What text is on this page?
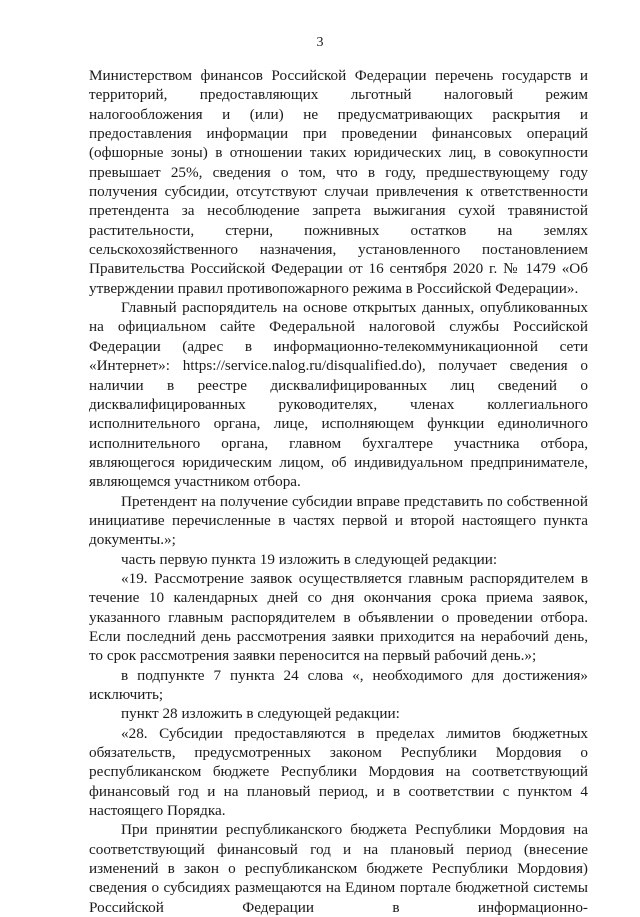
3

Министерством финансов Российской Федерации перечень государств и территорий, предоставляющих льготный налоговый режим налогообложения и (или) не предусматривающих раскрытия и предоставления информации при проведении финансовых операций (офшорные зоны) в отношении таких юридических лиц, в совокупности превышает 25%, сведения о том, что в году, предшествующему году получения субсидии, отсутствуют случаи привлечения к ответственности претендента за несоблюдение запрета выжигания сухой травянистой растительности, стерни, пожнивных остатков на землях сельскохозяйственного назначения, установленного постановлением Правительства Российской Федерации от 16 сентября 2020 г. № 1479 «Об утверждении правил противопожарного режима в Российской Федерации».

Главный распорядитель на основе открытых данных, опубликованных на официальном сайте Федеральной налоговой службы Российской Федерации (адрес в информационно-телекоммуникационной сети «Интернет»: https://service.nalog.ru/disqualified.do), получает сведения о наличии в реестре дисквалифицированных лиц сведений о дисквалифицированных руководителях, членах коллегиального исполнительного органа, лице, исполняющем функции единоличного исполнительного органа, главном бухгалтере участника отбора, являющегося юридическим лицом, об индивидуальном предпринимателе, являющемся участником отбора.

Претендент на получение субсидии вправе представить по собственной инициативе перечисленные в частях первой и второй настоящего пункта документы.»;

часть первую пункта 19 изложить в следующей редакции:

«19. Рассмотрение заявок осуществляется главным распорядителем в течение 10 календарных дней со дня окончания срока приема заявок, указанного главным распорядителем в объявлении о проведении отбора. Если последний день рассмотрения заявки приходится на нерабочий день, то срок рассмотрения заявки переносится на первый рабочий день.»;

в подпункте 7 пункта 24 слова «, необходимого для достижения» исключить;

пункт 28 изложить в следующей редакции:

«28. Субсидии предоставляются в пределах лимитов бюджетных обязательств, предусмотренных законом Республики Мордовия о республиканском бюджете Республики Мордовия на соответствующий финансовый год и на плановый период, и в соответствии с пунктом 4 настоящего Порядка.

При принятии республиканского бюджета Республики Мордовия на соответствующий финансовый год и на плановый период (внесение изменений в закон о республиканском бюджете Республики Мордовия) сведения о субсидиях размещаются на Едином портале бюджетной системы Российской Федерации в информационно-
